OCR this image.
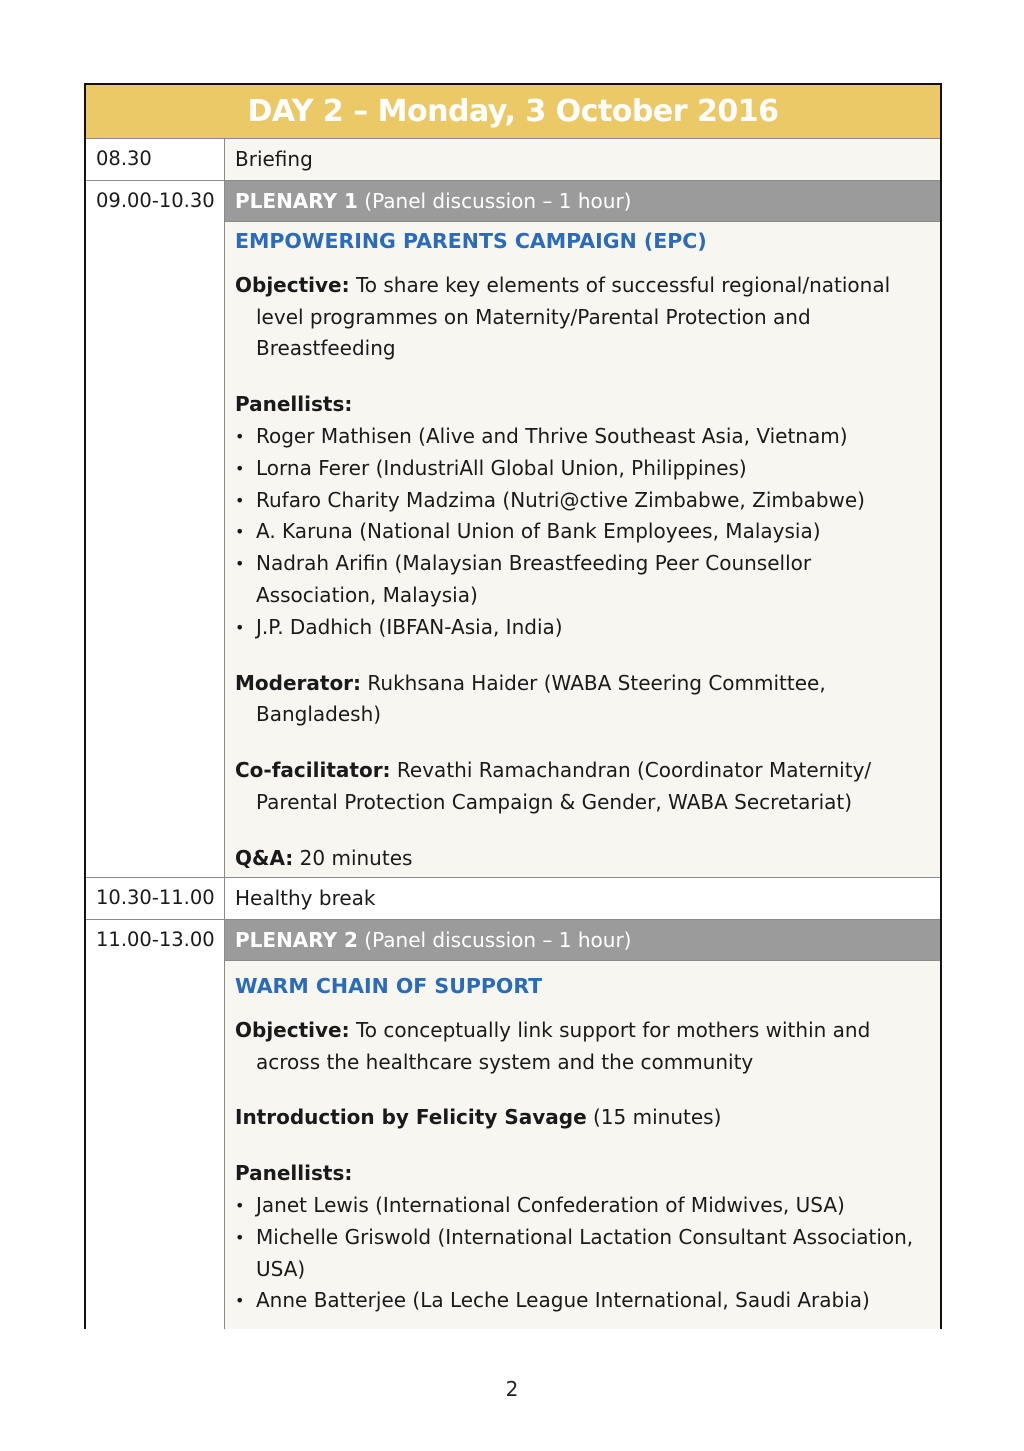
DAY 2 – Monday, 3 October 2016
08.30	Briefing
09.00-10.30	PLENARY 1 (Panel discussion – 1 hour)

EMPOWERING PARENTS CAMPAIGN (EPC)

Objective: To share key elements of successful regional/national level programmes on Maternity/Parental Protection and Breastfeeding

Panellists:

• Roger Mathisen (Alive and Thrive Southeast Asia, Vietnam)
• Lorna Ferer (IndustriAll Global Union, Philippines)
• Rufaro Charity Madzima (Nutri@ctive Zimbabwe, Zimbabwe)
• A. Karuna (National Union of Bank Employees, Malaysia)
• Nadrah Arifin (Malaysian Breastfeeding Peer Counsellor Association, Malaysia)
• J.P. Dadhich (IBFAN-Asia, India)

Moderator: Rukhsana Haider (WABA Steering Committee, Bangladesh)

Co-facilitator: Revathi Ramachandran (Coordinator Maternity/ Parental Protection Campaign & Gender, WABA Secretariat)

Q&A: 20 minutes

10.30-11.00	Healthy break
11.00-13.00	PLENARY 2 (Panel discussion – 1 hour)

WARM CHAIN OF SUPPORT

Objective: To conceptually link support for mothers within and across the healthcare system and the community

Introduction by Felicity Savage (15 minutes)

Panellists:

• Janet Lewis (International Confederation of Midwives, USA)
• Michelle Griswold (International Lactation Consultant Association, USA)
• Anne Batterjee (La Leche League International, Saudi Arabia)
2
